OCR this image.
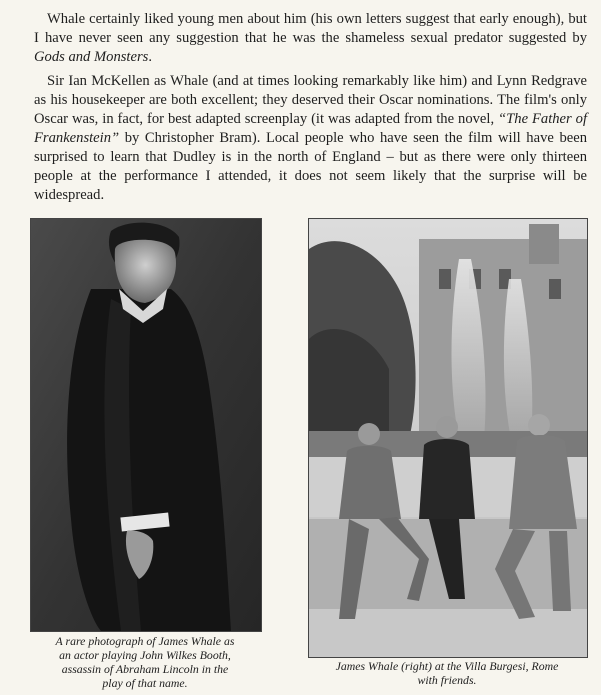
Whale certainly liked young men about him (his own letters suggest that early enough), but I have never seen any suggestion that he was the shameless sexual predator suggested by Gods and Monsters.

Sir Ian McKellen as Whale (and at times looking remarkably like him) and Lynn Redgrave as his housekeeper are both excellent; they deserved their Oscar nominations. The film's only Oscar was, in fact, for best adapted screenplay (it was adapted from the novel, “The Father of Frankenstein” by Christopher Bram). Local people who have seen the film will have been surprised to learn that Dudley is in the north of England – but as there were only thirteen people at the performance I attended, it does not seem likely that the surprise will be widespread.

A rare photograph of James Whale as
an actor playing John Wilkes Booth,
assassin of Abraham Lincoln in the
play of that name.
James Whale (right) at the Villa Burgesi, Rome
with friends.
